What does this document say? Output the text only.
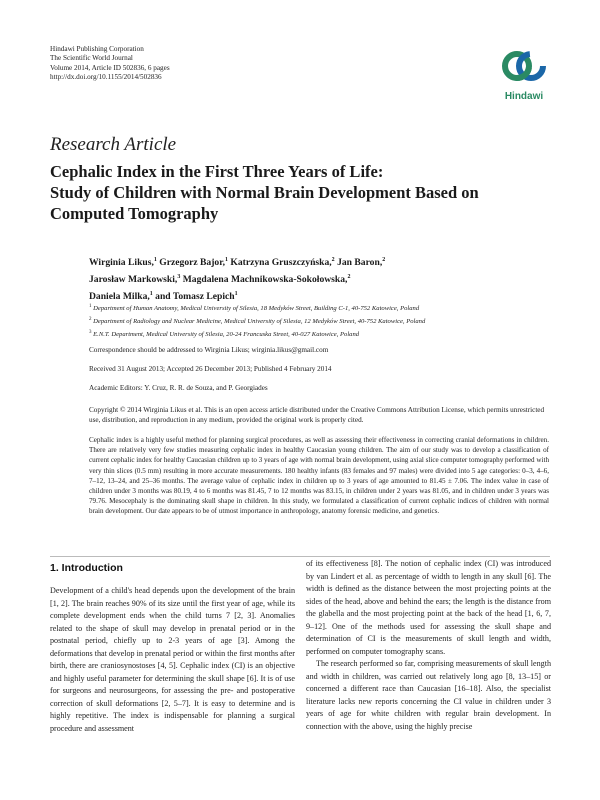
Hindawi Publishing Corporation
The Scientific World Journal
Volume 2014, Article ID 502836, 6 pages
http://dx.doi.org/10.1155/2014/502836
Hindawi
Research Article
Cephalic Index in the First Three Years of Life:
Study of Children with Normal Brain Development Based on
Computed Tomography
Wirginia Likus,$^1$ Grzegorz Bajor,$^1$ Katrzyna Gruszczyńska,$^2$ Jan Baron,$^2$
Jarosław Markowski,$^3$ Magdalena Machnikowska-Sokołowska,$^2$
Daniela Milka,$^1$ and Tomasz Lepich$^1$
$^1$ Department of Human Anatomy, Medical University of Silesia, 18 Medyków Street, Building C-1, 40-752 Katowice, Poland
$^2$ Department of Radiology and Nuclear Medicine, Medical University of Silesia, 12 Medyków Street, 40-752 Katowice, Poland
$^3$ E.N.T. Department, Medical University of Silesia, 20-24 Francuska Street, 40-027 Katowice, Poland
Correspondence should be addressed to Wirginia Likus; wirginia.likus@gmail.com
Received 31 August 2013; Accepted 26 December 2013; Published 4 February 2014
Academic Editors: Y. Cruz, R. R. de Souza, and P. Georgiades
Copyright © 2014 Wirginia Likus et al. This is an open access article distributed under the Creative Commons Attribution License, which permits unrestricted use, distribution, and reproduction in any medium, provided the original work is properly cited.
Cephalic index is a highly useful method for planning surgical procedures, as well as assessing their effectiveness in correcting cranial deformations in children. There are relatively very few studies measuring cephalic index in healthy Caucasian young children. The aim of our study was to develop a classification of current cephalic index for healthy Caucasian children up to 3 years of age with normal brain development, using axial slice computer tomography performed with very thin slices (0.5 mm) resulting in more accurate measurements. 180 healthy infants (83 females and 97 males) were divided into 5 age categories: 0–3, 4–6, 7–12, 13–24, and 25–36 months. The average value of cephalic index in children up to 3 years of age amounted to 81.45 ± 7.06. The index value in case of children under 3 months was 80.19, 4 to 6 months was 81.45, 7 to 12 months was 83.15, in children under 2 years was 81.05, and in children under 3 years was 79.76. Mesocephaly is the dominating skull shape in children. In this study, we formulated a classification of current cephalic indices of children with normal brain development. Our date appears to be of utmost importance in anthropology, anatomy forensic medicine, and genetics.
1. Introduction

Development of a child's head depends upon the development of the brain [1, 2]. The brain reaches 90% of its size until the first year of age, while its complete development ends when the child turns 7 [2, 3]. Anomalies related to the shape of skull may develop in prenatal period or in the postnatal period, chiefly up to 2-3 years of age [3]. Among the deformations that develop in prenatal period or within the first months after birth, there are craniosynostoses [4, 5]. Cephalic index (CI) is an objective and highly useful parameter for determining the skull shape [6]. It is of use for surgeons and neurosurgeons, for assessing the pre- and postoperative correction of skull deformations [2, 5–7]. It is easy to determine and is highly repetitive. The index is indispensable for planning a surgical procedure and assessment

of its effectiveness [8]. The notion of cephalic index (CI) was introduced by van Lindert et al. as percentage of width to length in any skull [6]. The width is defined as the distance between the most projecting points at the sides of the head, above and behind the ears; the length is the distance from the glabella and the most projecting point at the back of the head [1, 6, 7, 9–12]. One of the methods used for assessing the skull shape and determination of CI is the measurements of skull length and width, performed on computer tomography scans.

The research performed so far, comprising measurements of skull length and width in children, was carried out relatively long ago [8, 13–15] or concerned a different race than Caucasian [16–18]. Also, the specialist literature lacks new reports concerning the CI value in children under 3 years of age for white children with regular brain development. In connection with the above, using the highly precise
